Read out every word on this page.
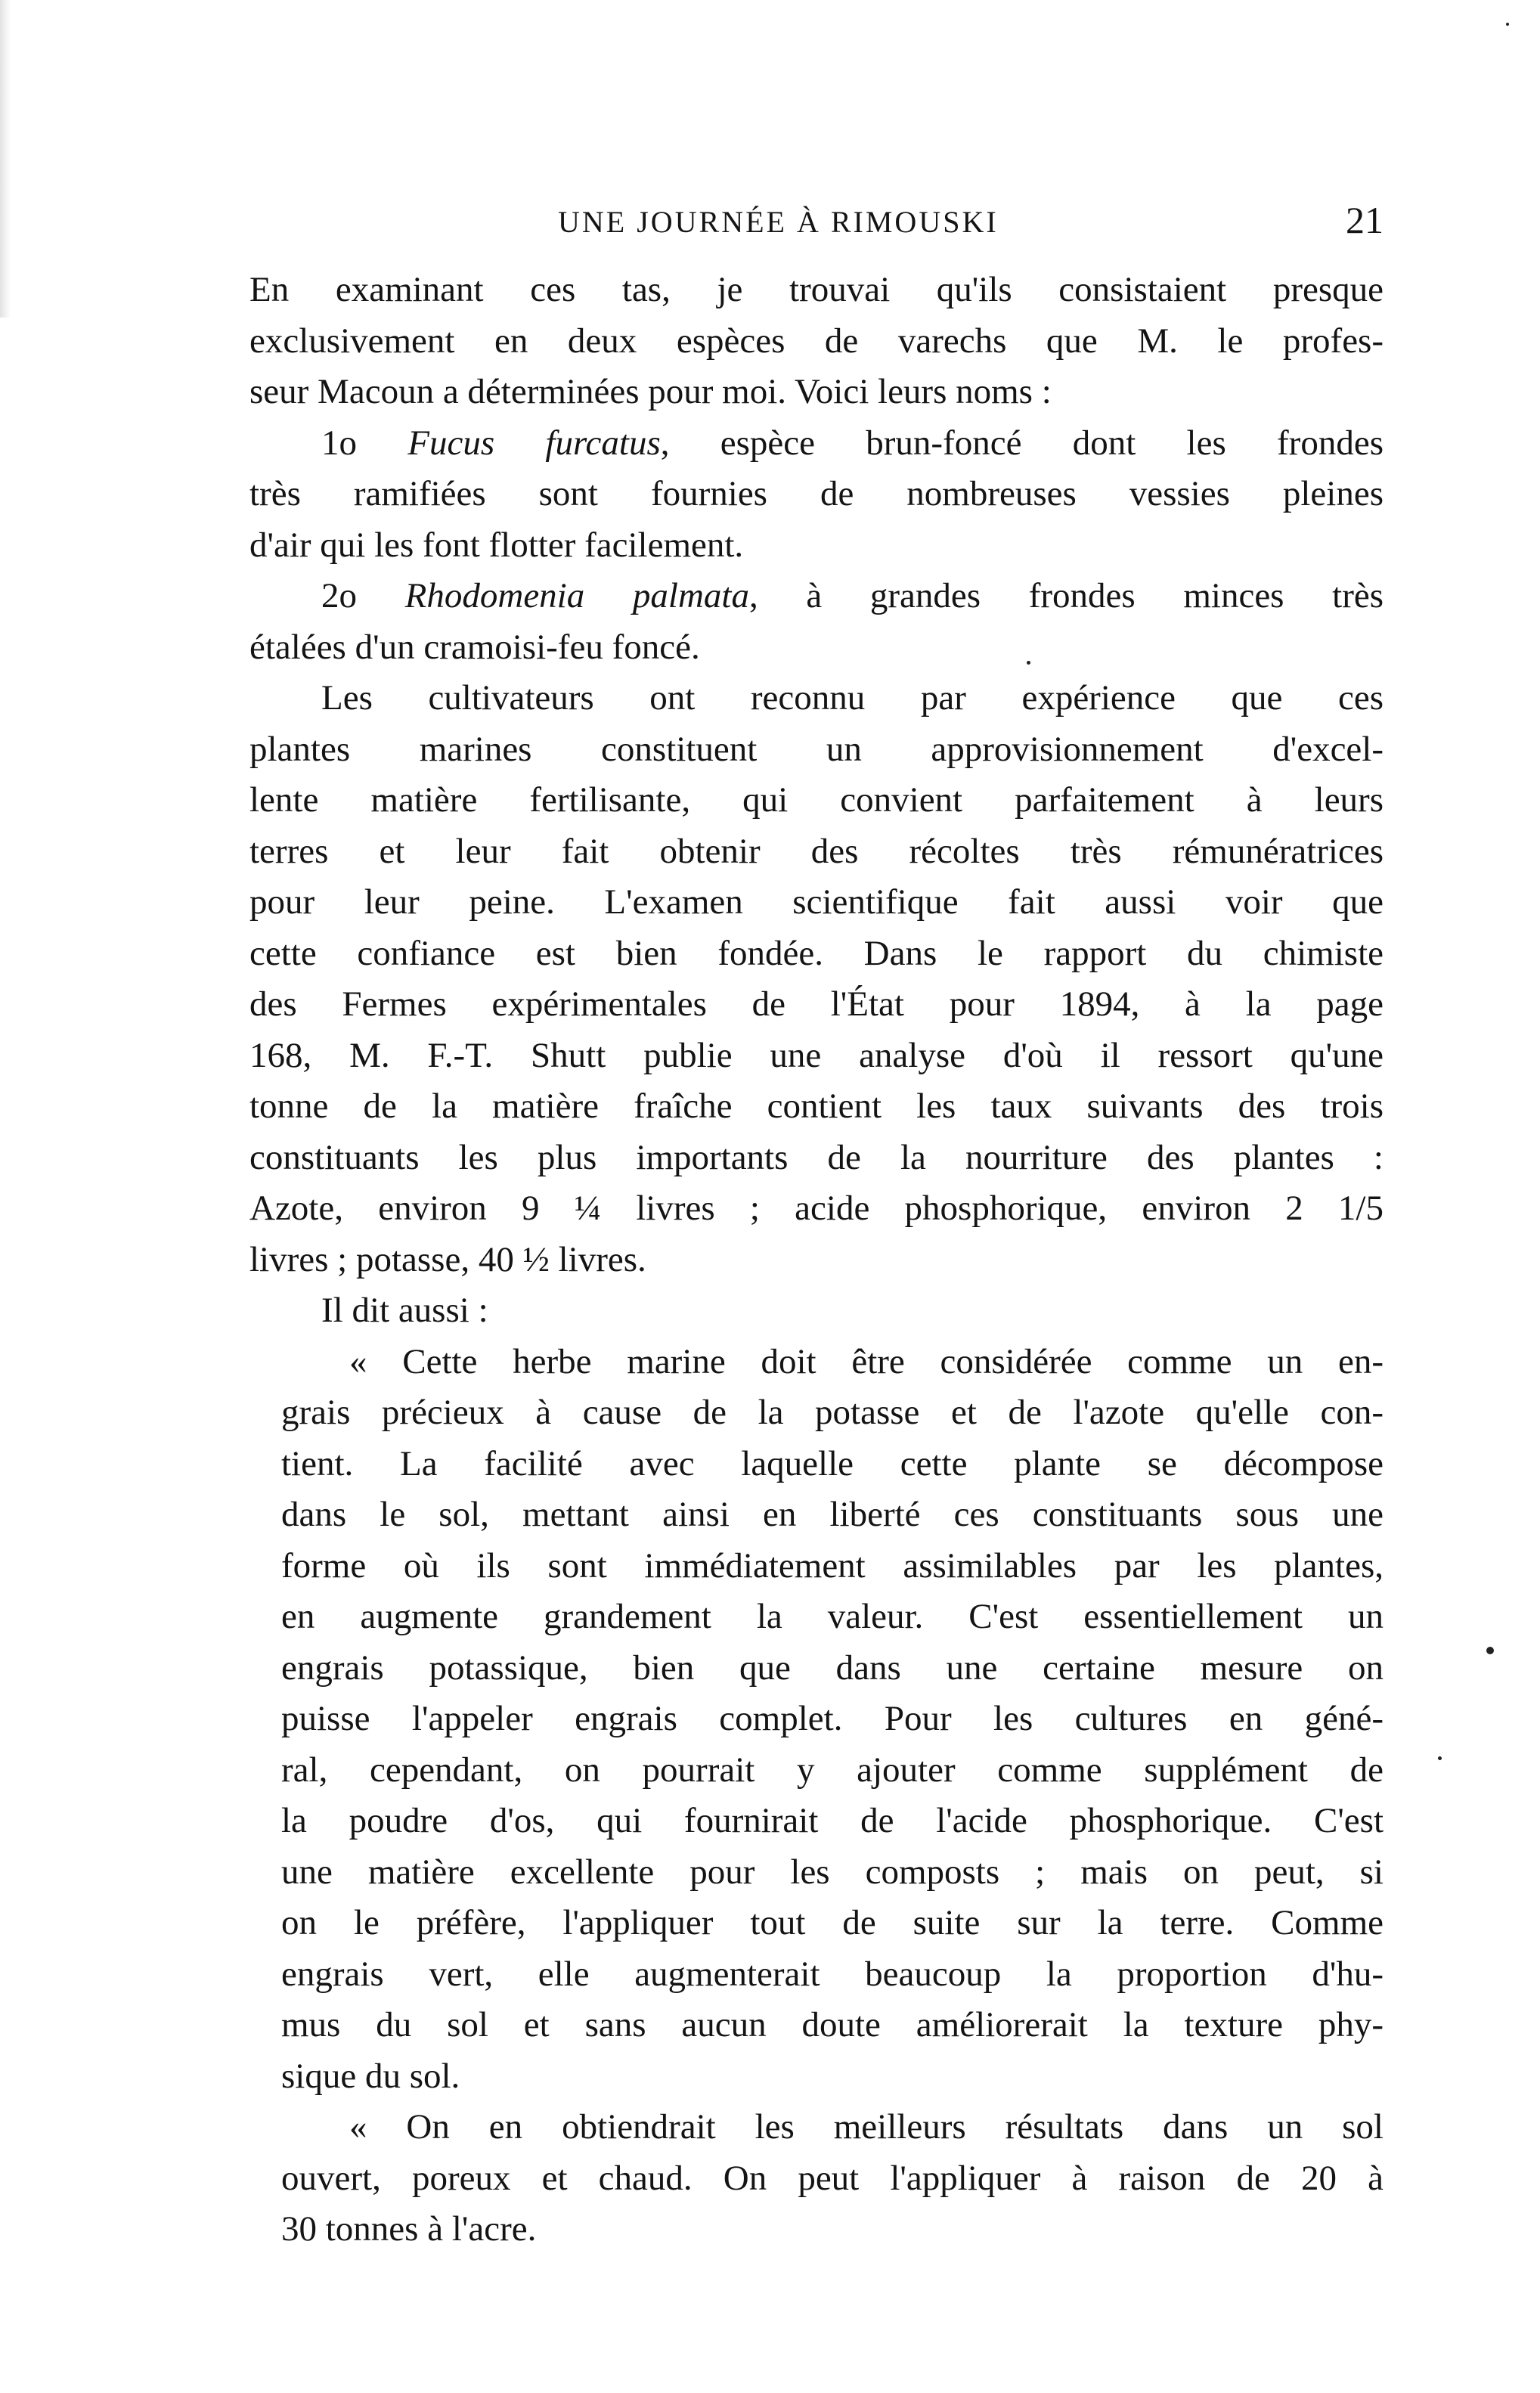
UNE JOURNÉE À RIMOUSKI	21
En examinant ces tas, je trouvai qu'ils consistaient presque
exclusivement en deux espèces de varechs que M. le profes-
seur Macoun a déterminées pour moi. Voici leurs noms :
1o Fucus furcatus, espèce brun-foncé dont les frondes
très ramifiées sont fournies de nombreuses vessies pleines
d'air qui les font flotter facilement.
2o Rhodomenia palmata, à grandes frondes minces très
étalées d'un cramoisi-feu foncé.
Les cultivateurs ont reconnu par expérience que ces
plantes marines constituent un approvisionnement d'excel-
lente matière fertilisante, qui convient parfaitement à leurs
terres et leur fait obtenir des récoltes très rémunératrices
pour leur peine. L'examen scientifique fait aussi voir que
cette confiance est bien fondée. Dans le rapport du chimiste
des Fermes expérimentales de l'État pour 1894, à la page
168, M. F.-T. Shutt publie une analyse d'où il ressort qu'une
tonne de la matière fraîche contient les taux suivants des trois
constituants les plus importants de la nourriture des plantes :
Azote, environ 9 ¼ livres ; acide phosphorique, environ 2 1/5
livres ; potasse, 40 ½ livres.
Il dit aussi :
« Cette herbe marine doit être considérée comme un en-
grais précieux à cause de la potasse et de l'azote qu'elle con-
tient. La facilité avec laquelle cette plante se décompose
dans le sol, mettant ainsi en liberté ces constituants sous une
forme où ils sont immédiatement assimilables par les plantes,
en augmente grandement la valeur. C'est essentiellement un
engrais potassique, bien que dans une certaine mesure on
puisse l'appeler engrais complet. Pour les cultures en géné-
ral, cependant, on pourrait y ajouter comme supplément de
la poudre d'os, qui fournirait de l'acide phosphorique. C'est
une matière excellente pour les composts ; mais on peut, si
on le préfère, l'appliquer tout de suite sur la terre. Comme
engrais vert, elle augmenterait beaucoup la proportion d'hu-
mus du sol et sans aucun doute améliorerait la texture phy-
sique du sol.
« On en obtiendrait les meilleurs résultats dans un sol
ouvert, poreux et chaud. On peut l'appliquer à raison de 20 à
30 tonnes à l'acre.
